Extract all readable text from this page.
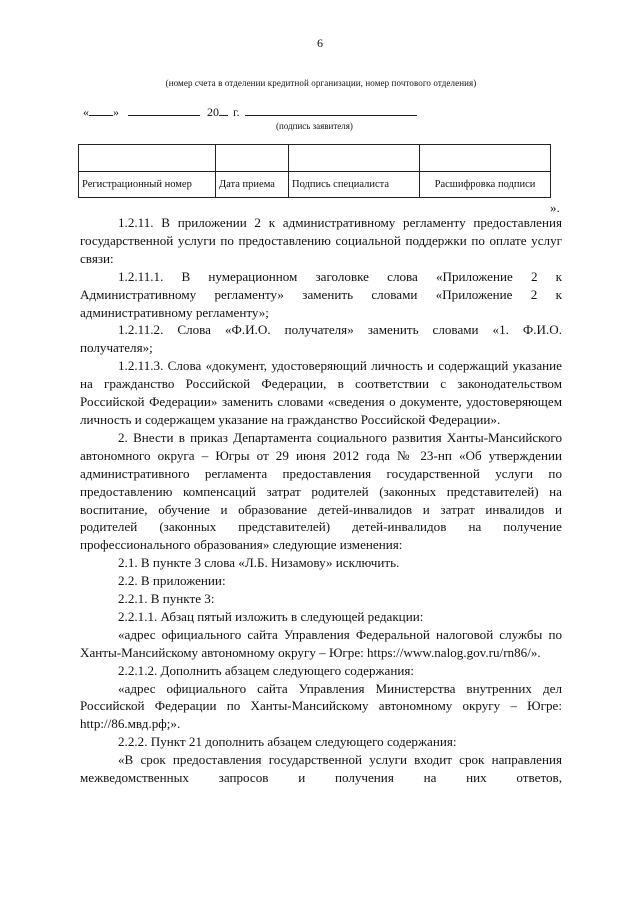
6
(номер счета в отделении кредитной организации, номер почтового отделения)
« »	20 г.
(подпись заявителя)

Регистрационный номер	Дата приема	Подпись специалиста	Расшифровка подписи
».

1.2.11. В приложении 2 к административному регламенту предоставления государственной услуги по предоставлению социальной поддержки по оплате услуг связи:

1.2.11.1. В нумерационном заголовке слова «Приложение 2 к Административному регламенту» заменить словами «Приложение 2 к административному регламенту»;

1.2.11.2. Слова «Ф.И.О. получателя» заменить словами «1. Ф.И.О. получателя»;

1.2.11.3. Слова «документ, удостоверяющий личность и содержащий указание на гражданство Российской Федерации, в соответствии с законодательством Российской Федерации» заменить словами «сведения о документе, удостоверяющем личность и содержащем указание на гражданство Российской Федерации».

2. Внести в приказ Департамента социального развития Ханты-Мансийского автономного округа – Югры от 29 июня 2012 года № 23-нп «Об утверждении административного регламента предоставления государственной услуги по предоставлению компенсаций затрат родителей (законных представителей) на воспитание, обучение и образование детей-инвалидов и затрат инвалидов и родителей (законных представителей) детей-инвалидов на получение профессионального образования» следующие изменения:

2.1. В пункте 3 слова «Л.Б. Низамову» исключить.

2.2. В приложении:

2.2.1. В пункте 3:

2.2.1.1. Абзац пятый изложить в следующей редакции:

«адрес официального сайта Управления Федеральной налоговой службы по Ханты-Мансийскому автономному округу – Югре: https://www.nalog.gov.ru/rn86/».

2.2.1.2. Дополнить абзацем следующего содержания:

«адрес официального сайта Управления Министерства внутренних дел Российской Федерации по Ханты-Мансийскому автономному округу – Югре: http://86.мвд.рф;».

2.2.2. Пункт 21 дополнить абзацем следующего содержания:

«В срок предоставления государственной услуги входит срок направления межведомственных запросов и получения на них ответов,
